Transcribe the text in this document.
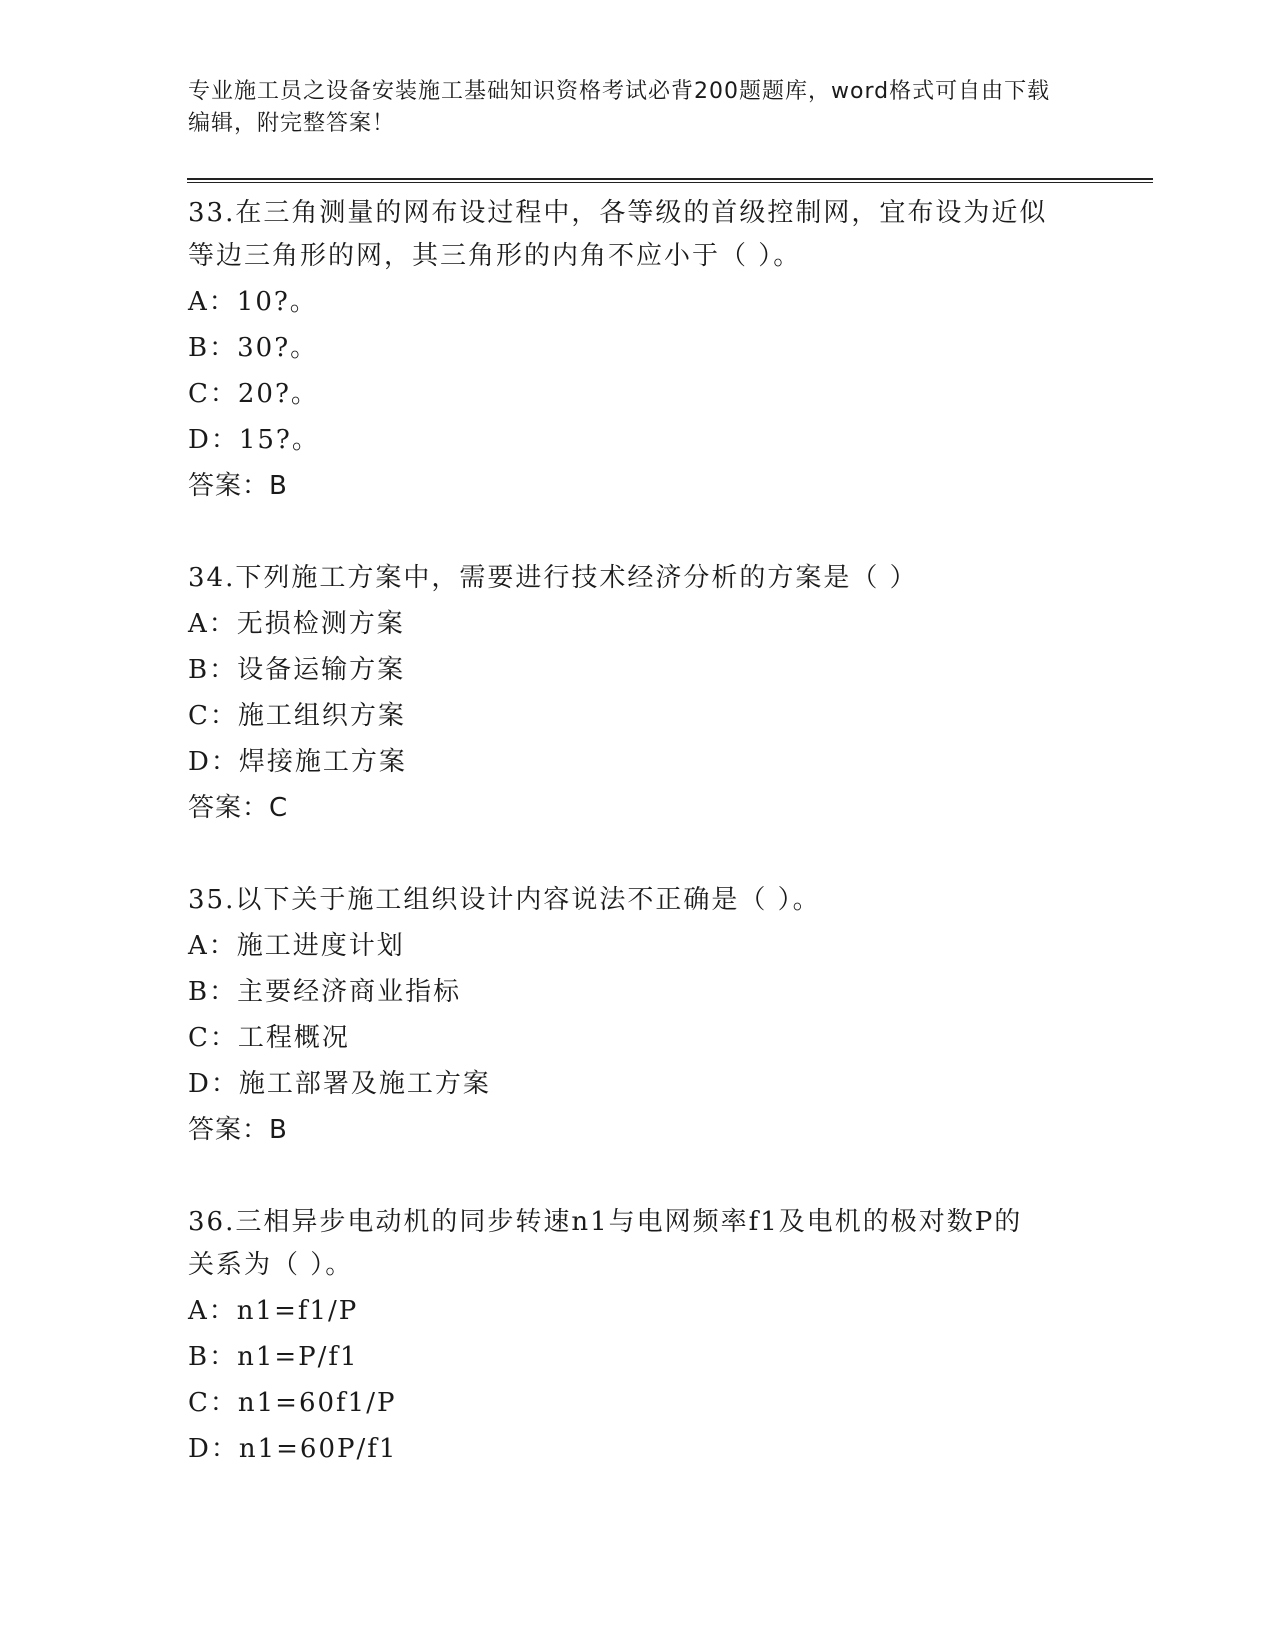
专业施工员之设备安装施工基础知识资格考试必背200题题库，word格式可自由下载编辑，附完整答案！
33.在三角测量的网布设过程中，各等级的首级控制网，宜布设为近似等边三角形的网，其三角形的内角不应小于（ ）。
A：10?。
B：30?。
C：20?。
D：15?。
答案：B
34.下列施工方案中，需要进行技术经济分析的方案是（ ）
A：无损检测方案
B：设备运输方案
C：施工组织方案
D：焊接施工方案
答案：C
35.以下关于施工组织设计内容说法不正确是（ ）。
A：施工进度计划
B：主要经济商业指标
C：工程概况
D：施工部署及施工方案
答案：B
36.三相异步电动机的同步转速n1与电网频率f1及电机的极对数P的关系为（ ）。
A：n1=f1/P
B：n1=P/f1
C：n1=60f1/P
D：n1=60P/f1
